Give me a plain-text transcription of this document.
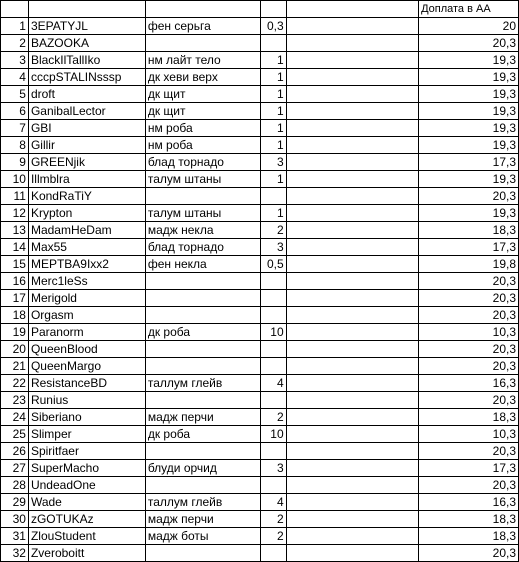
					Доплата в АА
1	3EPATYJL	фен серьга	0,3		20
2	BAZOOKA				20,3
3	BlackIlTallIko	нм лайт тело	1		19,3
4	cccpSTALINsssp	дк хеви верх	1		19,3
5	droft	дк щит	1		19,3
6	GanibalLector	дк щит	1		19,3
7	GBI	нм роба	1		19,3
8	Gillir	нм роба	1		19,3
9	GREENjik	блад торнадо	3		17,3
10	Illmblra	талум штаны	1		19,3
11	KondRaTiY				20,3
12	Krypton	талум штаны	1		19,3
13	MadamHeDam	мадж некла	2		18,3
14	Max55	блад торнадо	3		17,3
15	MEPTBA9Ixx2	фен некла	0,5		19,8
16	Merc1leSs				20,3
17	Merigold				20,3
18	Orgasm				20,3
19	Paranorm	дк роба	10		10,3
20	QueenBlood				20,3
21	QueenMargo				20,3
22	ResistanceBD	таллум глейв	4		16,3
23	Runius				20,3
24	Siberiano	мадж перчи	2		18,3
25	Slimper	дк роба	10		10,3
26	Spiritfaer				20,3
27	SuperMacho	блуди орчид	3		17,3
28	UndeadOne				20,3
29	Wade	таллум глейв	4		16,3
30	zGOTUKAz	мадж перчи	2		18,3
31	ZlouStudent	мадж боты	2		18,3
32	Zveroboitt				20,3
